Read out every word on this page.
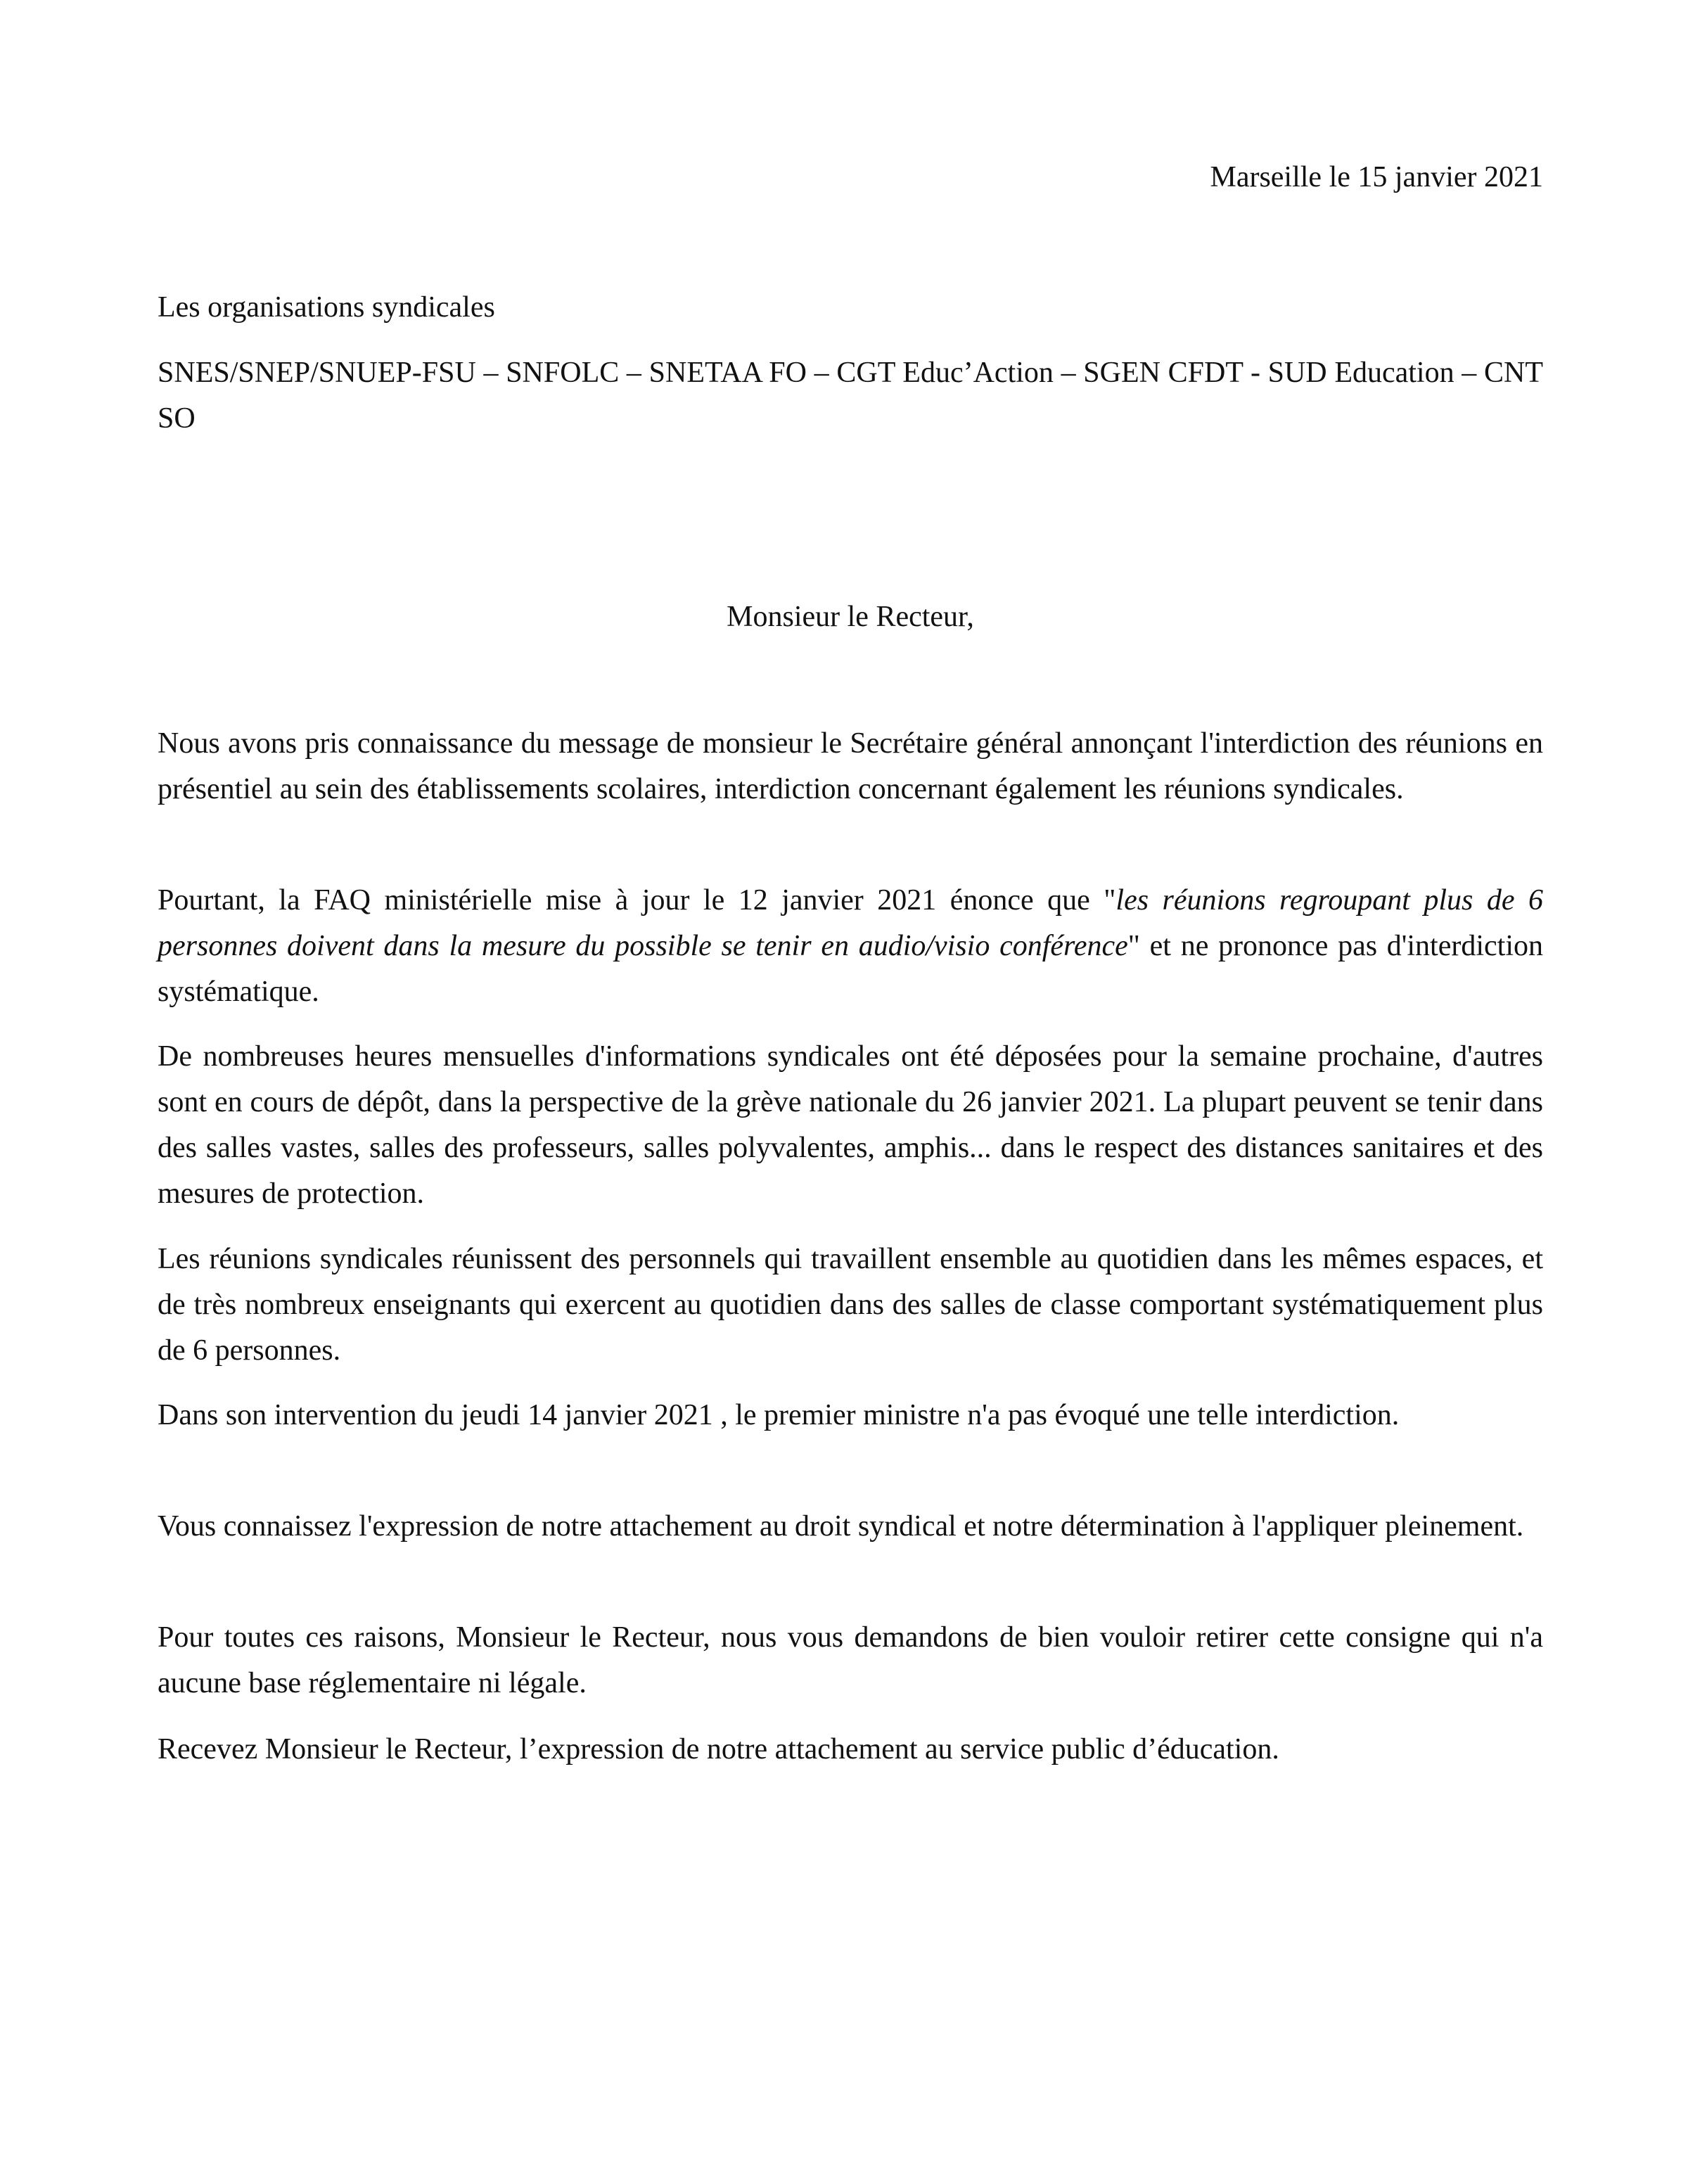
Marseille le 15 janvier 2021

Les organisations syndicales

SNES/SNEP/SNUEP-FSU – SNFOLC – SNETAA FO – CGT Educ’Action – SGEN CFDT - SUD Education – CNT SO

Monsieur le Recteur,

Nous avons pris connaissance du message de monsieur le Secrétaire général annonçant l'interdiction des réunions en présentiel au sein des établissements scolaires, interdiction concernant également les réunions syndicales.

Pourtant, la FAQ ministérielle mise à jour le 12 janvier 2021 énonce que "les réunions regroupant plus de 6 personnes doivent dans la mesure du possible se tenir en audio/visio conférence" et ne prononce pas d'interdiction systématique.

De nombreuses heures mensuelles d'informations syndicales ont été déposées pour la semaine prochaine, d'autres sont en cours de dépôt, dans la perspective de la grève nationale du 26 janvier 2021. La plupart peuvent se tenir dans des salles vastes, salles des professeurs, salles polyvalentes, amphis... dans le respect des distances sanitaires et des mesures de protection.

Les réunions syndicales réunissent des personnels qui travaillent ensemble au quotidien dans les mêmes espaces, et de très nombreux enseignants qui exercent au quotidien dans des salles de classe comportant systématiquement plus de 6 personnes.

Dans son intervention du jeudi 14 janvier 2021 , le premier ministre n'a pas évoqué une telle interdiction.

Vous connaissez l'expression de notre attachement au droit syndical et notre détermination à l'appliquer pleinement.

Pour toutes ces raisons, Monsieur le Recteur, nous vous demandons de bien vouloir retirer cette consigne qui n'a aucune base réglementaire ni légale.

Recevez Monsieur le Recteur, l’expression de notre attachement au service public d’éducation.
